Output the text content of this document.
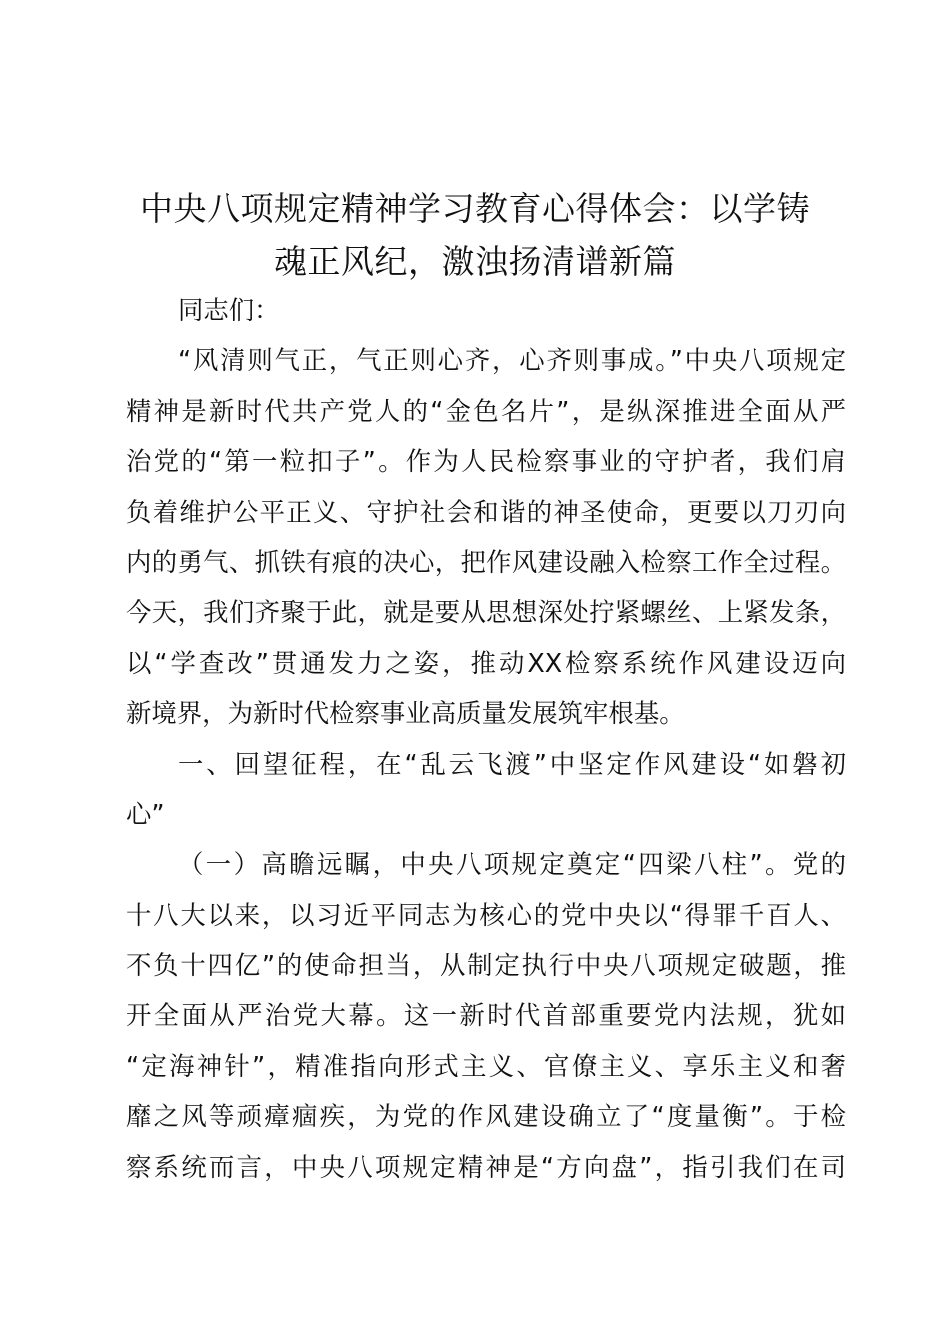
中央八项规定精神学习教育心得体会：以学铸
魂正风纪，激浊扬清谱新篇

同志们：

“风清则气正，气正则心齐，心齐则事成。”中央八项规定
精神是新时代共产党人的“金色名片”，是纵深推进全面从严
治党的“第一粒扣子”。作为人民检察事业的守护者，我们肩
负着维护公平正义、守护社会和谐的神圣使命，更要以刀刃向
内的勇气、抓铁有痕的决心，把作风建设融入检察工作全过程。
今天，我们齐聚于此，就是要从思想深处拧紧螺丝、上紧发条，
以“学查改”贯通发力之姿，推动XX检察系统作风建设迈向
新境界，为新时代检察事业高质量发展筑牢根基。

一、回望征程，在“乱云飞渡”中坚定作风建设“如磐初
心”

（一）高瞻远瞩，中央八项规定奠定“四梁八柱”。党的
十八大以来，以习近平同志为核心的党中央以“得罪千百人、
不负十四亿”的使命担当，从制定执行中央八项规定破题，推
开全面从严治党大幕。这一新时代首部重要党内法规，犹如
“定海神针”，精准指向形式主义、官僚主义、享乐主义和奢
靡之风等顽瘴痼疾，为党的作风建设确立了“度量衡”。于检
察系统而言，中央八项规定精神是“方向盘”，指引我们在司
